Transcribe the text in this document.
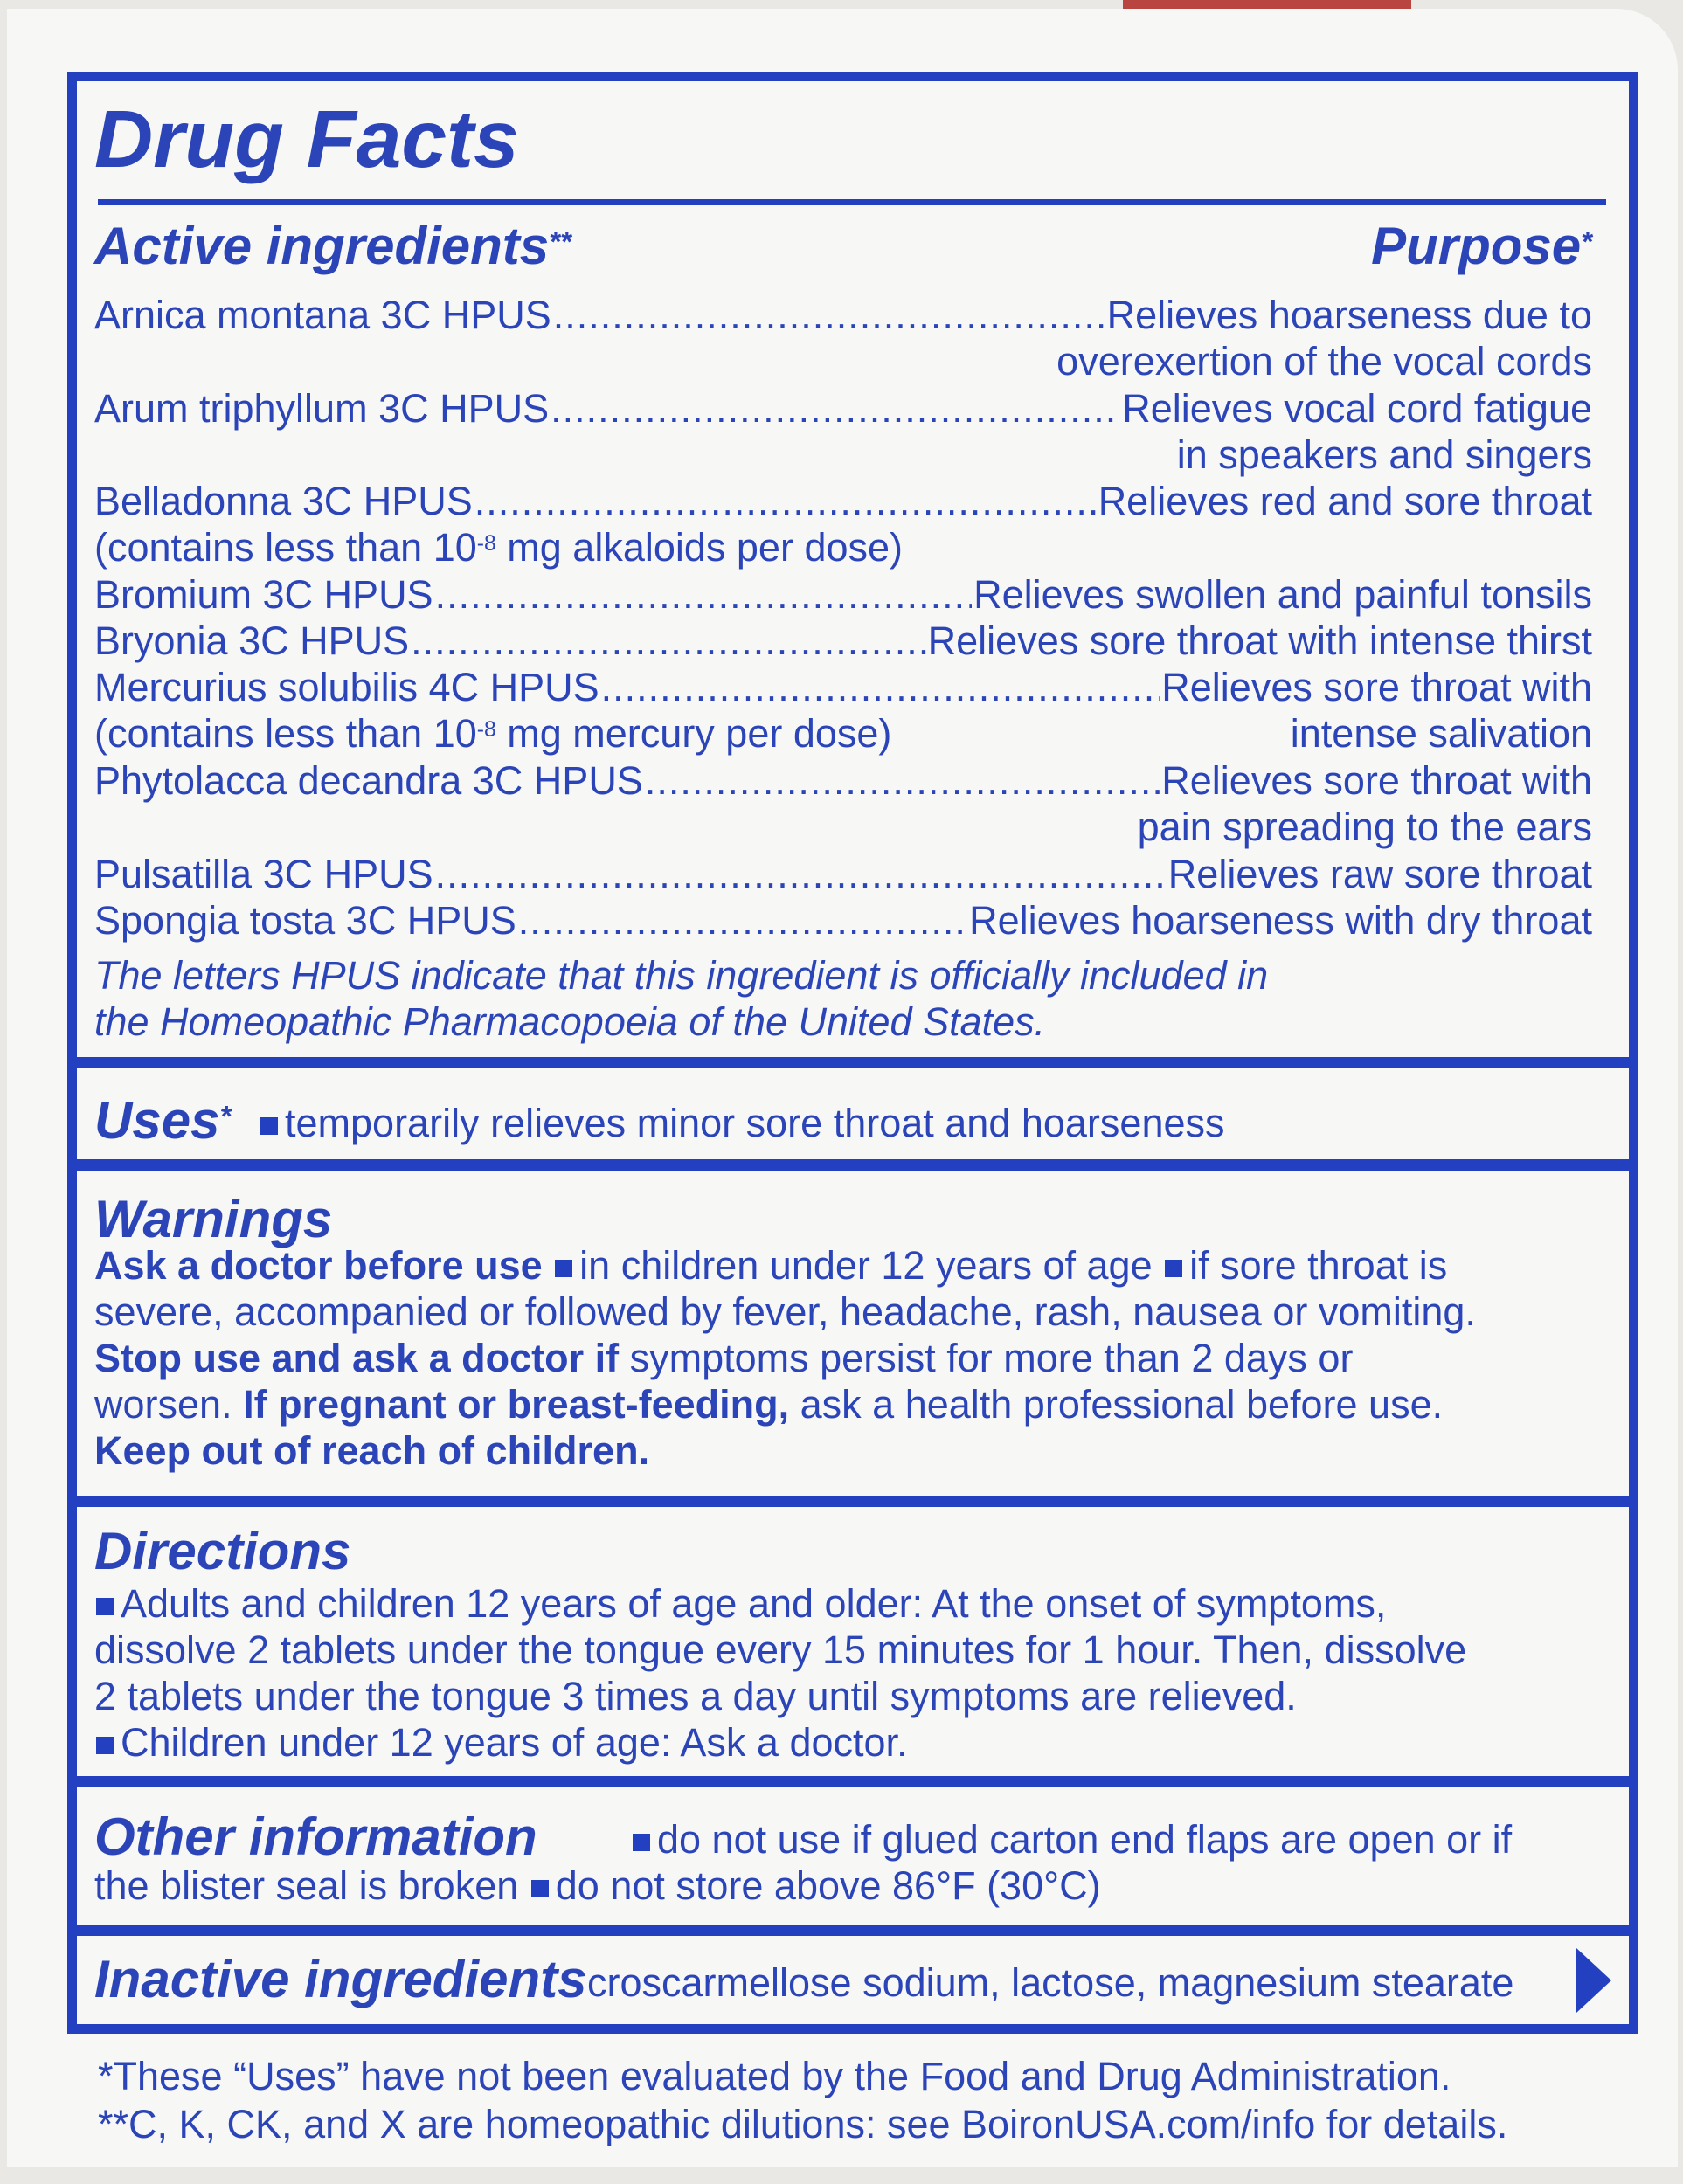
Drug Facts
Active ingredients**	Purpose*
Arnica montana 3C HPUS .....	Relieves hoarseness due to
overexertion of the vocal cords
Arum triphyllum 3C HPUS .....	Relieves vocal cord fatigue
in speakers and singers
Belladonna 3C HPUS .....	Relieves red and sore throat
(contains less than $10^{-8}$ mg alkaloids per dose)
Bromium 3C HPUS .....	Relieves swollen and painful tonsils
Bryonia 3C HPUS .....	Relieves sore throat with intense thirst
Mercurius solubilis 4C HPUS .....	Relieves sore throat with
(contains less than $10^{-8}$ mg mercury per dose)	intense salivation
Phytolacca decandra 3C HPUS .....	Relieves sore throat with
pain spreading to the ears
Pulsatilla 3C HPUS .....	Relieves raw sore throat
Spongia tosta 3C HPUS .....	Relieves hoarseness with dry throat
The letters HPUS indicate that this ingredient is officially included in
the Homeopathic Pharmacopoeia of the United States.
Uses*	temporarily relieves minor sore throat and hoarseness
Warnings
Ask a doctor before use in children under 12 years of age if sore throat is
severe, accompanied or followed by fever, headache, rash, nausea or vomiting.
Stop use and ask a doctor if symptoms persist for more than 2 days or
worsen. If pregnant or breast-feeding, ask a health professional before use.
Keep out of reach of children.
Directions
Adults and children 12 years of age and older: At the onset of symptoms,
dissolve 2 tablets under the tongue every 15 minutes for 1 hour. Then, dissolve
2 tablets under the tongue 3 times a day until symptoms are relieved.
Children under 12 years of age: Ask a doctor.
Other information	do not use if glued carton end flaps are open or if
the blister seal is broken do not store above 86°F (30°C)
Inactive ingredients croscarmellose sodium, lactose, magnesium stearate
*These “Uses” have not been evaluated by the Food and Drug Administration.
**C, K, CK, and X are homeopathic dilutions: see BoironUSA.com/info for details.
